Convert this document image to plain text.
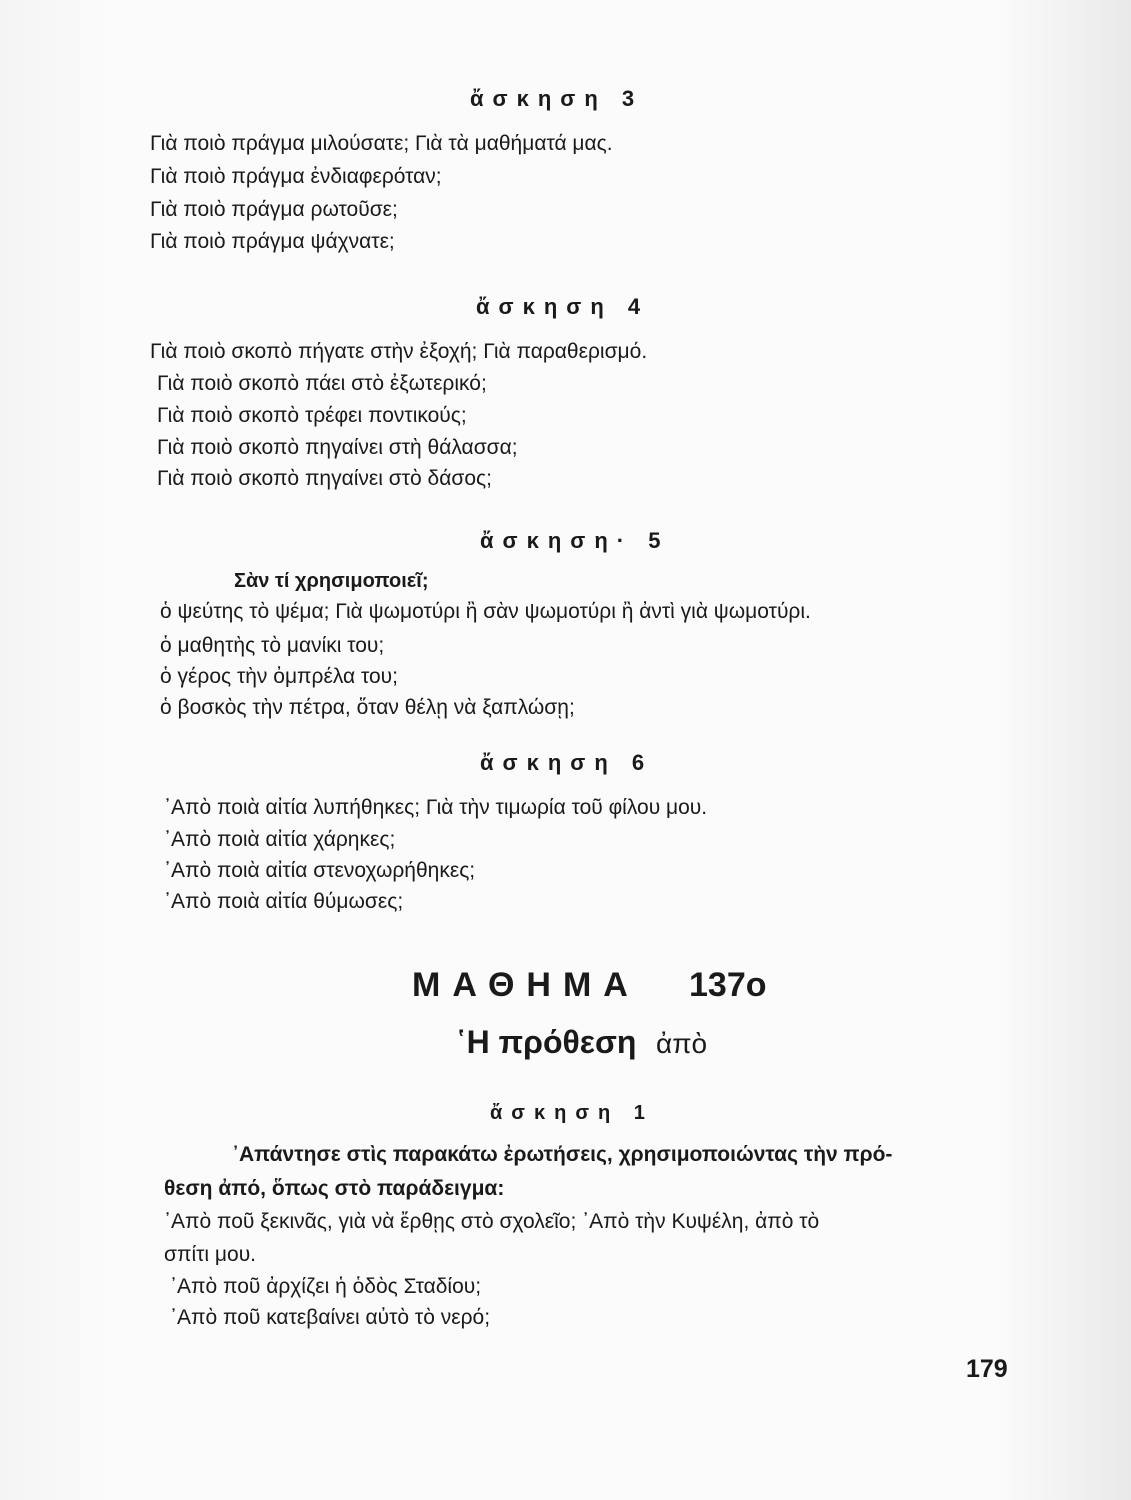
ἄσκηση 3
Γιὰ ποιὸ πράγμα μιλούσατε; Γιὰ τὰ μαθήματά μας.
Γιὰ ποιὸ πράγμα ἐνδιαφερόταν;
Γιὰ ποιὸ πράγμα ρωτοῦσε;
Γιὰ ποιὸ πράγμα ψάχνατε;
ἄσκηση 4
Γιὰ ποιὸ σκοπὸ πήγατε στὴν ἐξοχή; Γιὰ παραθερισμό.
Γιὰ ποιὸ σκοπὸ πάει στὸ ἐξωτερικό;
Γιὰ ποιὸ σκοπὸ τρέφει ποντικούς;
Γιὰ ποιὸ σκοπὸ πηγαίνει στὴ θάλασσα;
Γιὰ ποιὸ σκοπὸ πηγαίνει στὸ δάσος;
ἄσκηση· 5
Σὰν τί χρησιμοποιεῖ;
ὁ ψεύτης τὸ ψέμα; Γιὰ ψωμοτύρι ἢ σὰν ψωμοτύρι ἢ ἀντὶ γιὰ ψωμοτύρι.
ὁ μαθητὴς τὸ μανίκι του;
ὁ γέρος τὴν ὀμπρέλα του;
ὁ βοσκὸς τὴν πέτρα, ὅταν θέλῃ νὰ ξαπλώσῃ;
ἄσκηση 6
᾿Απὸ ποιὰ αἰτία λυπήθηκες; Γιὰ τὴν τιμωρία τοῦ φίλου μου.
᾿Απὸ ποιὰ αἰτία χάρηκες;
᾿Απὸ ποιὰ αἰτία στενοχωρήθηκες;
᾿Απὸ ποιὰ αἰτία θύμωσες;
ΜΑΘΗΜΑ 137ο
῾Η πρόθεση ἀπὸ
ἄσκηση 1
᾿Απάντησε στὶς παρακάτω ἐρωτήσεις, χρησιμοποιώντας τὴν πρό-
θεση ἀπό, ὅπως στὸ παράδειγμα:
᾿Απὸ ποῦ ξεκινᾶς, γιὰ νὰ ἔρθῃς στὸ σχολεῖο; ᾿Απὸ τὴν Κυψέλη, ἀπὸ τὸ
σπίτι μου.
᾿Απὸ ποῦ ἀρχίζει ἡ ὁδὸς Σταδίου;
᾿Απὸ ποῦ κατεβαίνει αὐτὸ τὸ νερό;
179
